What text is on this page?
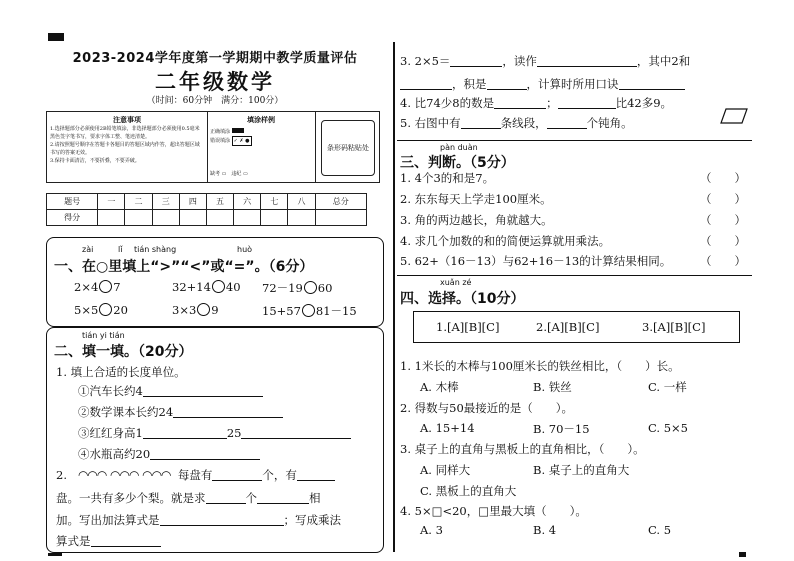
2023-2024学年度第一学期期中教学质量评估
二年级数学
（时间：60分钟　满分：100分）
注意事项
1.选择题部分必须使用2B铅笔填涂，非选择题部分必须使用0.5毫米黑色签字笔书写，要求字体工整、笔迹清楚。
2.请按照题号顺序在答题卡各题目的答题区域内作答，超出答题区域书写的答案无效。
3.保持卡面清洁，不要折叠，不要弄破。
填涂样例
正确填涂
错误填涂 ✓ ✗ ●
缺考 ▭　违纪 ▭
条形码粘贴处
题号	一	二	三	四	五	六	七	八	总分
得分									
zài	lǐ tián shàng	huò
一、在○里填上“>”“<”或“=”。（6分）
2×4 7	32+14 40 72－19 60
5×5 20	3×3 9	15+57 81－15
tián yi tián
二、填一填。（20分）
1. 填上合适的长度单位。
①汽车长约4
②数学课本长约24
③红红身高1	25
④水瓶高约20
2. ◠◠◠ ◠◠◠ ◠◠◠ 每盘有	个，有
盘。一共有多少个梨。就是求	个	相
加。写出加法算式是	；写成乘法
算式是
3. 2×5＝	，读作	，其中2和
，积是	，计算时所用口诀
4. 比74少8的数是	；	比42多9。
5. 右图中有	条线段，	个钝角。
pàn duàn
三、判断。（5分）
1. 4个3的和是7。
2. 东东每天上学走100厘米。
3. 角的两边越长，角就越大。
4. 求几个加数的和的简便运算就用乘法。
5. 62+（16－13）与62+16－13的计算结果相同。
（　　）
（　　）
（　　）
（　　）
（　　）
xuǎn zé
四、选择。（10分）
1.[A][B][C]	2.[A][B][C]	3.[A][B][C]
1. 1米长的木棒与100厘米长的铁丝相比，（　　）长。
A. 木棒	B. 铁丝	C. 一样
2. 得数与50最接近的是（　　）。
A. 15+14	B. 70－15	C. 5×5
3. 桌子上的直角与黑板上的直角相比，（　　）。
A. 同样大	B. 桌子上的直角大
C. 黑板上的直角大
4. 5×□<20，□里最大填（　　）。
A. 3	B. 4	C. 5
